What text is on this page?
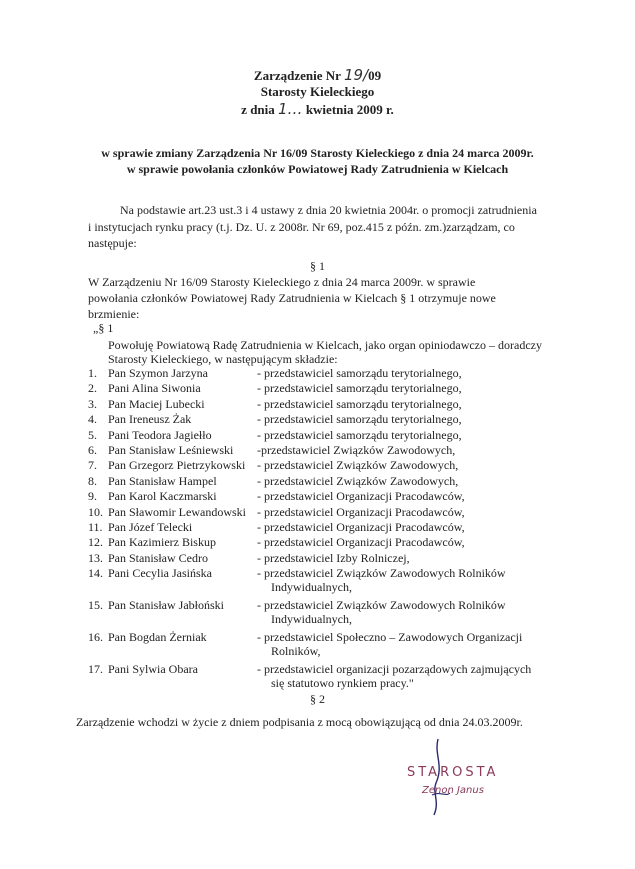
Zarządzenie Nr 19/09
Starosty Kieleckiego
z dnia 1… kwietnia 2009 r.
w sprawie zmiany Zarządzenia Nr 16/09 Starosty Kieleckiego z dnia 24 marca 2009r.
w sprawie powołania członków Powiatowej Rady Zatrudnienia w Kielcach
Na podstawie art.23 ust.3 i 4 ustawy z dnia 20 kwietnia 2004r. o promocji zatrudnienia
i instytucjach rynku pracy (t.j. Dz. U. z 2008r. Nr 69, poz.415 z późn. zm.)zarządzam, co
następuje:
§ 1
W Zarządzeniu Nr 16/09 Starosty Kieleckiego z dnia 24 marca 2009r. w sprawie
powołania członków Powiatowej Rady Zatrudnienia w Kielcach § 1 otrzymuje nowe
brzmienie:
„§ 1
Powołuję Powiatową Radę Zatrudnienia w Kielcach, jako organ opiniodawczo – doradczy
Starosty Kieleckiego, w następującym składzie:
1. Pan Szymon Jarzyna	- przedstawiciel samorządu terytorialnego,
2. Pani Alina Siwonia	- przedstawiciel samorządu terytorialnego,
3. Pan Maciej Lubecki	- przedstawiciel samorządu terytorialnego,
4. Pan Ireneusz Żak	- przedstawiciel samorządu terytorialnego,
5. Pani Teodora Jagiełło	- przedstawiciel samorządu terytorialnego,
6. Pan Stanisław Leśniewski -przedstawiciel Związków Zawodowych,
7. Pan Grzegorz Pietrzykowski - przedstawiciel Związków Zawodowych,
8. Pan Stanisław Hampel	- przedstawiciel Związków Zawodowych,
9. Pan Karol Kaczmarski	- przedstawiciel Organizacji Pracodawców,
10. Pan Sławomir Lewandowski - przedstawiciel Organizacji Pracodawców,
11. Pan Józef Telecki	- przedstawiciel Organizacji Pracodawców,
12. Pan Kazimierz Biskup	- przedstawiciel Organizacji Pracodawców,
13. Pan Stanisław Cedro	- przedstawiciel Izby Rolniczej,
14. Pani Cecylia Jasińska	- przedstawiciel Związków Zawodowych Rolników
Indywidualnych,
15. Pan Stanisław Jabłoński	- przedstawiciel Związków Zawodowych Rolników
Indywidualnych,
16. Pan Bogdan Żerniak	- przedstawiciel Społeczno – Zawodowych Organizacji
Rolników,
17. Pani Sylwia Obara	- przedstawiciel organizacji pozarządowych zajmujących
się statutowo rynkiem pracy."
§ 2
Zarządzenie wchodzi w życie z dniem podpisania z mocą obowiązującą od dnia 24.03.2009r.
STAROSTA
Zenon Janus
